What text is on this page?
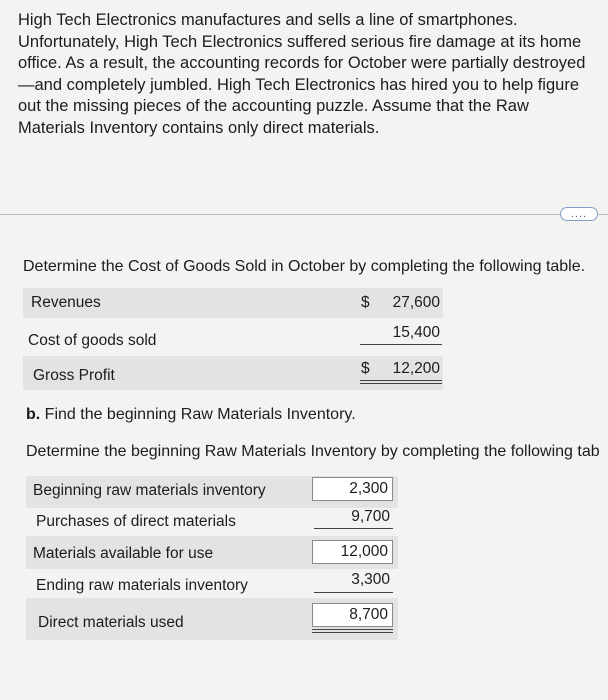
High Tech Electronics manufactures and sells a line of smartphones. Unfortunately, High Tech Electronics suffered serious fire damage at its home office. As a result, the accounting records for October were partially destroyed—and completely jumbled. High Tech Electronics has hired you to help figure out the missing pieces of the accounting puzzle. Assume that the Raw Materials Inventory contains only direct materials.

....

Determine the Cost of Goods Sold in October by completing the following table.

Revenues	$	27,600
Cost of goods sold	15,400
Gross Profit	$	12,200

b. Find the beginning Raw Materials Inventory.

Determine the beginning Raw Materials Inventory by completing the following tab

Beginning raw materials inventory	2,300
Purchases of direct materials	9,700
Materials available for use	12,000
Ending raw materials inventory	3,300
Direct materials used	8,700
